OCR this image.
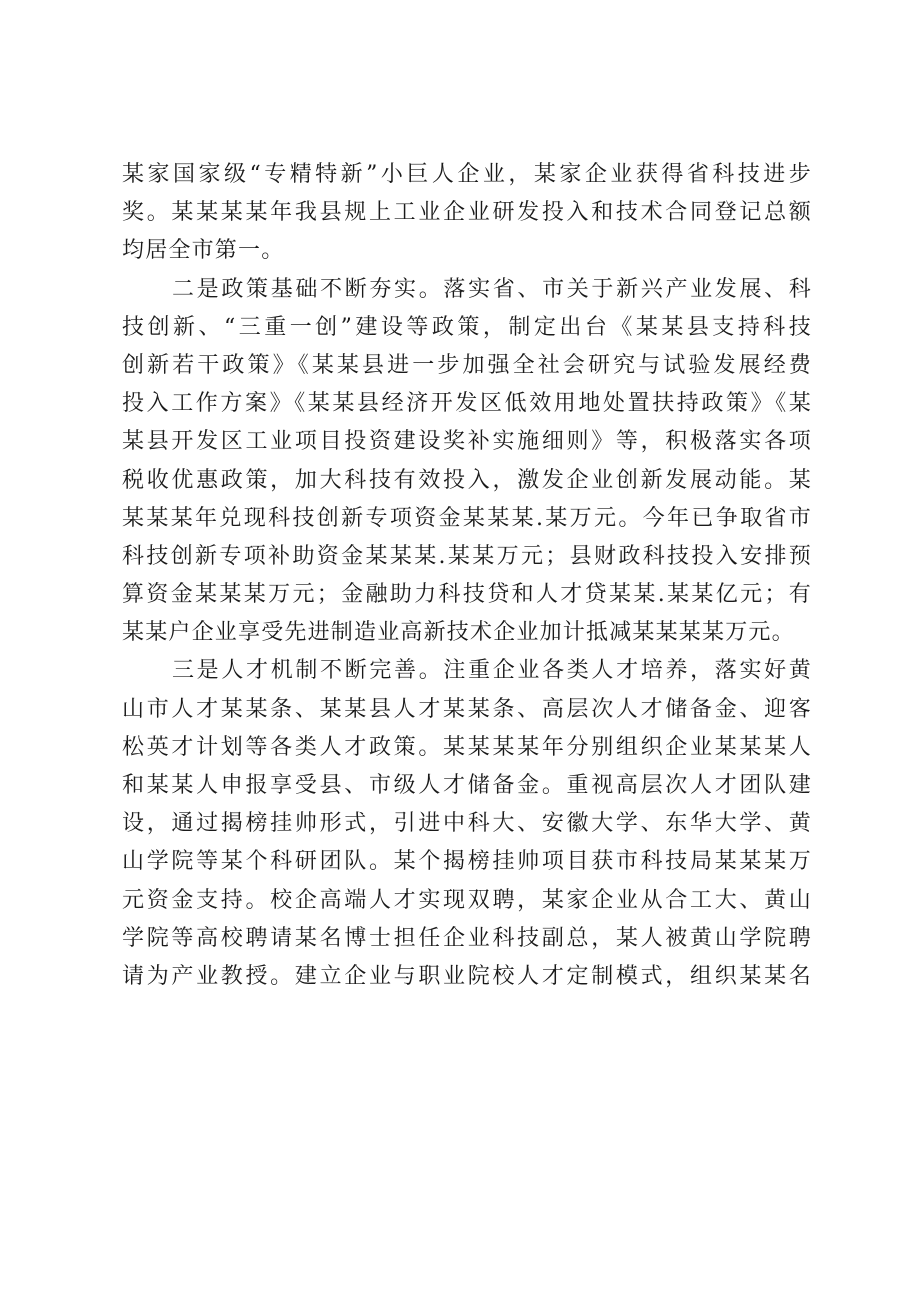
某家国家级“专精特新”小巨人企业，某家企业获得省科技进步
奖。某某某某年我县规上工业企业研发投入和技术合同登记总额
均居全市第一。
二是政策基础不断夯实。落实省、市关于新兴产业发展、科
技创新、“三重一创”建设等政策，制定出台《某某县支持科技
创新若干政策》《某某县进一步加强全社会研究与试验发展经费
投入工作方案》《某某县经济开发区低效用地处置扶持政策》《某
某县开发区工业项目投资建设奖补实施细则》等，积极落实各项
税收优惠政策，加大科技有效投入，激发企业创新发展动能。某
某某某年兑现科技创新专项资金某某某.某万元。今年已争取省市
科技创新专项补助资金某某某.某某万元；县财政科技投入安排预
算资金某某某万元；金融助力科技贷和人才贷某某.某某亿元；有
某某户企业享受先进制造业高新技术企业加计抵减某某某某万元。
三是人才机制不断完善。注重企业各类人才培养，落实好黄
山市人才某某条、某某县人才某某条、高层次人才储备金、迎客
松英才计划等各类人才政策。某某某某年分别组织企业某某某人
和某某人申报享受县、市级人才储备金。重视高层次人才团队建
设，通过揭榜挂帅形式，引进中科大、安徽大学、东华大学、黄
山学院等某个科研团队。某个揭榜挂帅项目获市科技局某某某万
元资金支持。校企高端人才实现双聘，某家企业从合工大、黄山
学院等高校聘请某名博士担任企业科技副总，某人被黄山学院聘
请为产业教授。建立企业与职业院校人才定制模式，组织某某名
